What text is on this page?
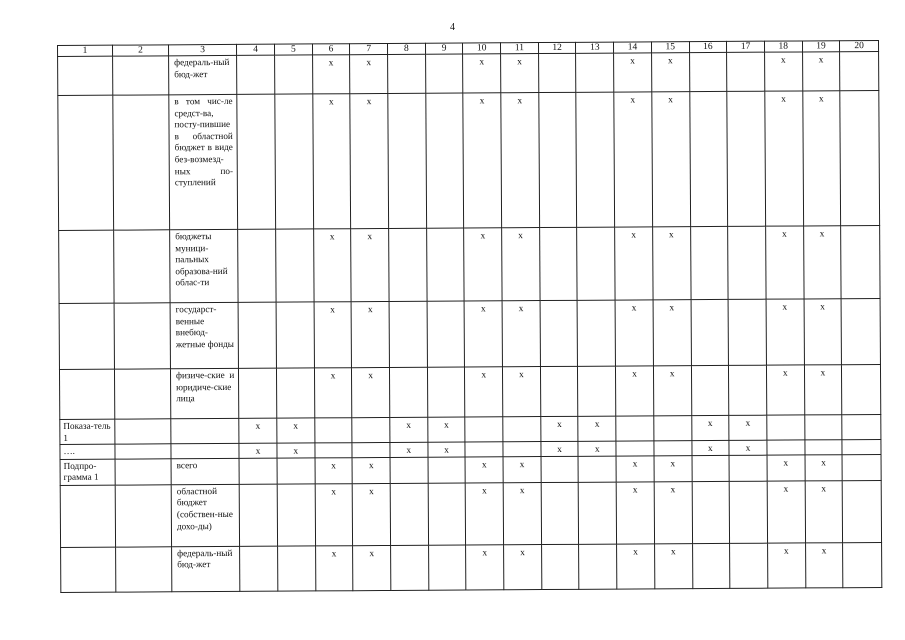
4
1	2	3	4	5	6	7	8	9	10	11	12	13	14	15	16	17	18	19	20
		федераль-ный бюд-жет			x	x			x	x			x	x			x	x	
		в том чис-ле средст-ва, посту-пившие в областной бюджет в виде без-возмезд-ных по-ступлений			x	x			x	x			x	x			x	x	
		бюджеты муници-пальных образова-ний облас-ти			x	x			x	x			x	x			x	x	
		государст-венные внебюд-жетные фонды			x	x			x	x			x	x			x	x	
		физиче-ские и юридиче-ские лица			x	x			x	x			x	x			x	x	
Показа-тель 1			x	x			x	x			x	x			x	x			
….			x	x			x	x			x	x			x	x			
Подпро-грамма 1		всего			x	x			x	x			x	x			x	x	
		областной бюджет (собствен-ные дохо-ды)			x	x			x	x			x	x			x	x	
		федераль-ный бюд-жет			x	x			x	x			x	x			x	x	
